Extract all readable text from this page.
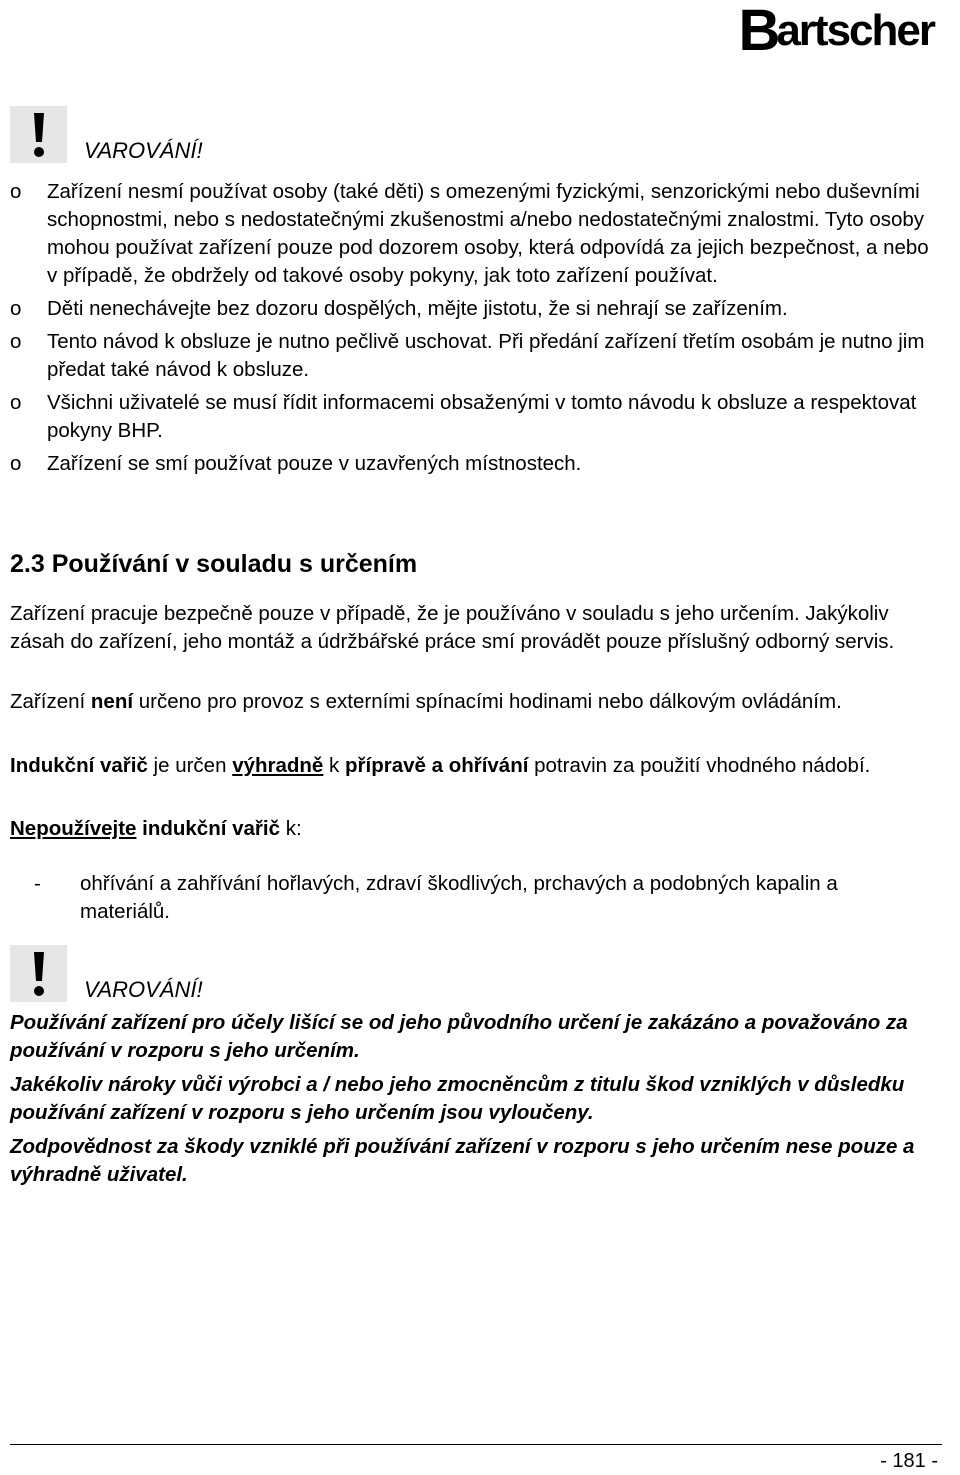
B
artscher
VAROVÁNÍ!
o Zařízení nesmí používat osoby (také děti) s omezenými fyzickými, senzorickými nebo duševními schopnostmi, nebo s nedostatečnými zkušenostmi a/nebo nedostatečnými znalostmi. Tyto osoby mohou používat zařízení pouze pod dozorem osoby, která odpovídá za jejich bezpečnost, a nebo v případě, že obdržely od takové osoby pokyny, jak toto zařízení používat.
o Děti nenechávejte bez dozoru dospělých, mějte jistotu, že si nehrají se zařízením.
o Tento návod k obsluze je nutno pečlivě uschovat. Při předání zařízení třetím osobám je nutno jim předat také návod k obsluze.
o Všichni uživatelé se musí řídit informacemi obsaženými v tomto návodu k obsluze a respektovat pokyny BHP.
o Zařízení se smí používat pouze v uzavřených místnostech.
2.3 Používání v souladu s určením

Zařízení pracuje bezpečně pouze v případě, že je používáno v souladu s jeho určením. Jakýkoliv zásah do zařízení, jeho montáž a údržbářské práce smí provádět pouze příslušný odborný servis.

Zařízení není určeno pro provoz s externími spínacími hodinami nebo dálkovým ovládáním.

Indukční vařič je určen výhradně k přípravě a ohřívání potravin za použití vhodného nádobí.

Nepoužívejte indukční vařič k:

- ohřívání a zahřívání hořlavých, zdraví škodlivých, prchavých a podobných kapalin a materiálů.
VAROVÁNÍ!

Používání zařízení pro účely lišící se od jeho původního určení je zakázáno a považováno za používání v rozporu s jeho určením.

Jakékoliv nároky vůči výrobci a / nebo jeho zmocněncům z titulu škod vzniklých v důsledku používání zařízení v rozporu s jeho určením jsou vyloučeny.

Zodpovědnost za škody vzniklé při používání zařízení v rozporu s jeho určením nese pouze a výhradně uživatel.

- 181 -
